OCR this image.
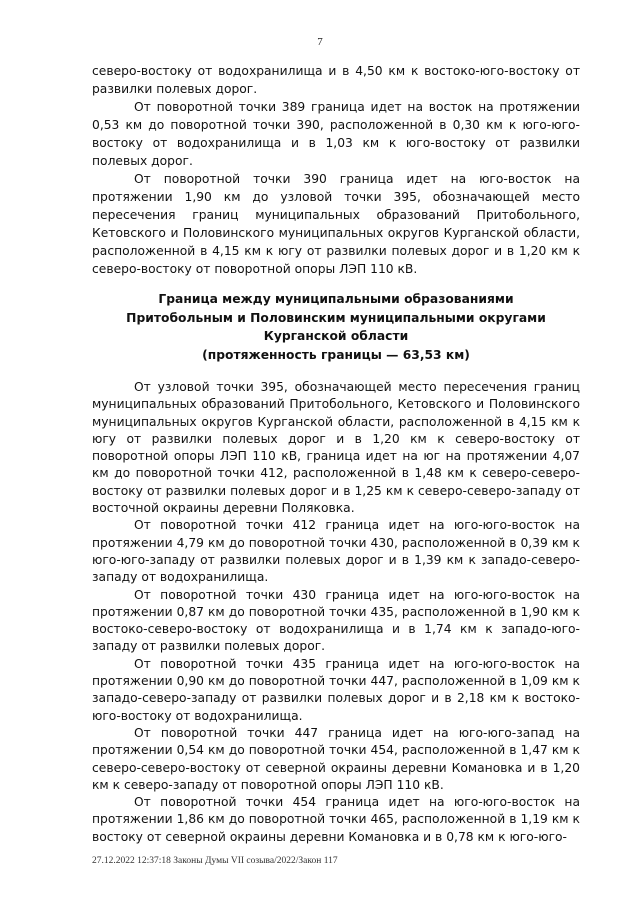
7

северо-востоку от водохранилища и в 4,50 км к востоко-юго-востоку от развилки полевых дорог.

От поворотной точки 389 граница идет на восток на протяжении 0,53 км до поворотной точки 390, расположенной в 0,30 км к юго-юго-востоку от водохранилища и в 1,03 км к юго-востоку от развилки полевых дорог.

От поворотной точки 390 граница идет на юго-восток на протяжении 1,90 км до узловой точки 395, обозначающей место пересечения границ муниципальных образований Притобольного, Кетовского и Половинского муниципальных округов Курганской области, расположенной в 4,15 км к югу от развилки полевых дорог и в 1,20 км к северо-востоку от поворотной опоры ЛЭП 110 кВ.

Граница между муниципальными образованиями
Притобольным и Половинским муниципальными округами
Курганской области
(протяженность границы — 63,53 км)

От узловой точки 395, обозначающей место пересечения границ муниципальных образований Притобольного, Кетовского и Половинского муниципальных округов Курганской области, расположенной в 4,15 км к югу от развилки полевых дорог и в 1,20 км к северо-востоку от поворотной опоры ЛЭП 110 кВ, граница идет на юг на протяжении 4,07 км до поворотной точки 412, расположенной в 1,48 км к северо-северо-востоку от развилки полевых дорог и в 1,25 км к северо-северо-западу от восточной окраины деревни Поляковка.

От поворотной точки 412 граница идет на юго-юго-восток на протяжении 4,79 км до поворотной точки 430, расположенной в 0,39 км к юго-юго-западу от развилки полевых дорог и в 1,39 км к западо-северо-западу от водохранилища.

От поворотной точки 430 граница идет на юго-юго-восток на протяжении 0,87 км до поворотной точки 435, расположенной в 1,90 км к востоко-северо-востоку от водохранилища и в 1,74 км к западо-юго-западу от развилки полевых дорог.

От поворотной точки 435 граница идет на юго-юго-восток на протяжении 0,90 км до поворотной точки 447, расположенной в 1,09 км к западо-северо-западу от развилки полевых дорог и в 2,18 км к востоко-юго-востоку от водохранилища.

От поворотной точки 447 граница идет на юго-юго-запад на протяжении 0,54 км до поворотной точки 454, расположенной в 1,47 км к северо-северо-востоку от северной окраины деревни Комановка и в 1,20 км к северо-западу от поворотной опоры ЛЭП 110 кВ.

От поворотной точки 454 граница идет на юго-юго-восток на протяжении 1,86 км до поворотной точки 465, расположенной в 1,19 км к востоку от северной окраины деревни Комановка и в 0,78 км к юго-юго-

27.12.2022 12:37:18 Законы Думы VII созыва/2022/Закон 117
